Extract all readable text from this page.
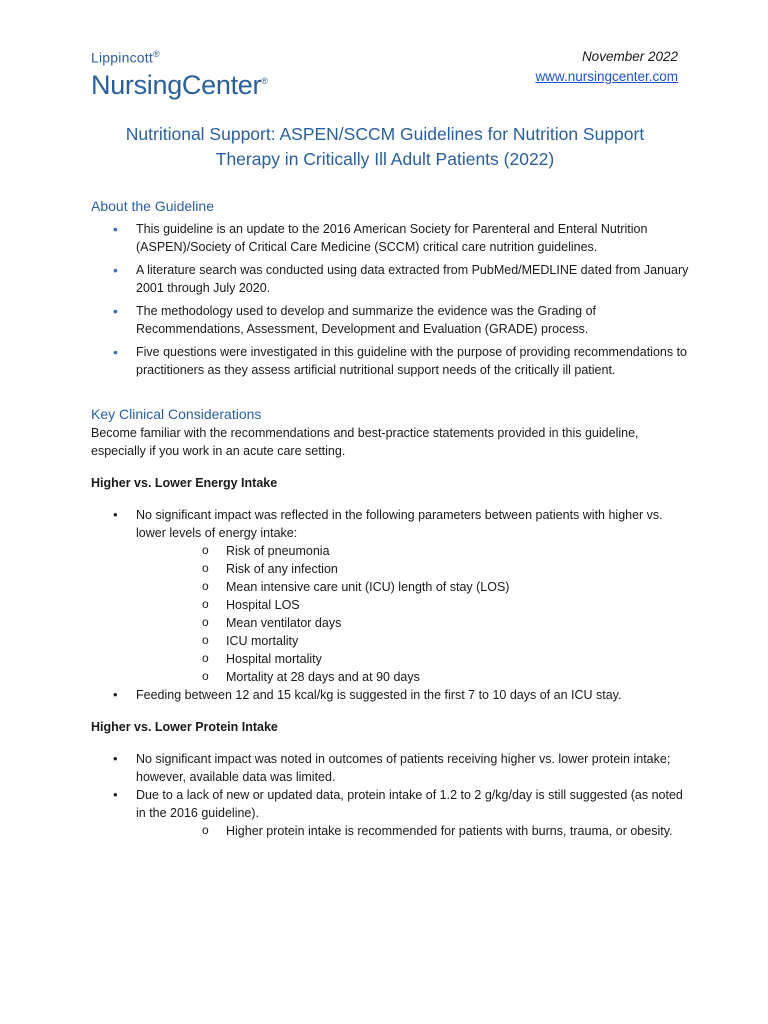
Lippincott®
NursingCenter®
November 2022
www.nursingcenter.com
Nutritional Support: ASPEN/SCCM Guidelines for Nutrition Support
Therapy in Critically Ill Adult Patients (2022)
About the Guideline
• This guideline is an update to the 2016 American Society for Parenteral and Enteral Nutrition (ASPEN)/Society of Critical Care Medicine (SCCM) critical care nutrition guidelines.
• A literature search was conducted using data extracted from PubMed/MEDLINE dated from January 2001 through July 2020.
• The methodology used to develop and summarize the evidence was the Grading of Recommendations, Assessment, Development and Evaluation (GRADE) process.
• Five questions were investigated in this guideline with the purpose of providing recommendations to practitioners as they assess artificial nutritional support needs of the critically ill patient.
Key Clinical Considerations

Become familiar with the recommendations and best-practice statements provided in this guideline, especially if you work in an acute care setting.

Higher vs. Lower Energy Intake
• No significant impact was reflected in the following parameters between patients with higher vs. lower levels of energy intake:
o Risk of pneumonia
o Risk of any infection
o Mean intensive care unit (ICU) length of stay (LOS)
o Hospital LOS
o Mean ventilator days
o ICU mortality
o Hospital mortality
o Mortality at 28 days and at 90 days
• Feeding between 12 and 15 kcal/kg is suggested in the first 7 to 10 days of an ICU stay.
Higher vs. Lower Protein Intake
• No significant impact was noted in outcomes of patients receiving higher vs. lower protein intake; however, available data was limited.
• Due to a lack of new or updated data, protein intake of 1.2 to 2 g/kg/day is still suggested (as noted in the 2016 guideline).
o Higher protein intake is recommended for patients with burns, trauma, or obesity.
